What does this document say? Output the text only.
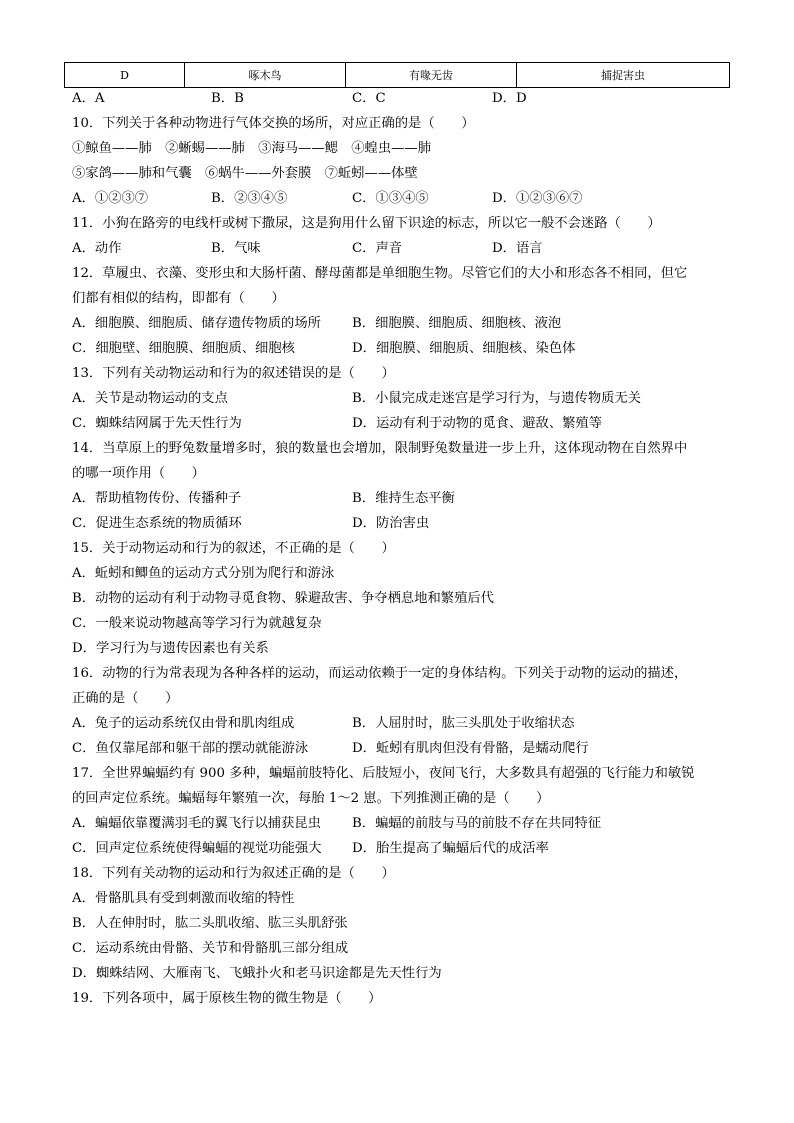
D	啄木鸟	有喙无齿	捕捉害虫
A．A	B．B	C．C	D．D
10．下列关于各种动物进行气体交换的场所，对应正确的是（　　）
①鲸鱼——肺　②蜥蜴——肺　③海马——鳃　④蝗虫——肺
⑤家鸽——肺和气囊　⑥蜗牛——外套膜　⑦蚯蚓——体壁
A．①②③⑦	B．②③④⑤	C．①③④⑤	D．①②③⑥⑦
11．小狗在路旁的电线杆或树下撒尿，这是狗用什么留下识途的标志，所以它一般不会迷路（　　）
A．动作	B．气味	C．声音	D．语言
12．草履虫、衣藻、变形虫和大肠杆菌、酵母菌都是单细胞生物。尽管它们的大小和形态各不相同，但它
们都有相似的结构，即都有（　　）
A．细胞膜、细胞质、储存遗传物质的场所 B．细胞膜、细胞质、细胞核、液泡
C．细胞壁、细胞膜、细胞质、细胞核	D．细胞膜、细胞质、细胞核、染色体
13．下列有关动物运动和行为的叙述错误的是（　　）
A．关节是动物运动的支点	B．小鼠完成走迷宫是学习行为，与遗传物质无关
C．蜘蛛结网属于先天性行为	D．运动有利于动物的觅食、避敌、繁殖等
14．当草原上的野兔数量增多时，狼的数量也会增加，限制野兔数量进一步上升，这体现动物在自然界中
的哪一项作用（　　）
A．帮助植物传份、传播种子	B．维持生态平衡
C．促进生态系统的物质循环	D．防治害虫
15．关于动物运动和行为的叙述，不正确的是（　　）
A．蚯蚓和鲫鱼的运动方式分别为爬行和游泳
B．动物的运动有利于动物寻觅食物、躲避敌害、争夺栖息地和繁殖后代
C．一般来说动物越高等学习行为就越复杂
D．学习行为与遗传因素也有关系
16．动物的行为常表现为各种各样的运动，而运动依赖于一定的身体结构。下列关于动物的运动的描述，
正确的是（　　）
A．兔子的运动系统仅由骨和肌肉组成	B．人屈肘时，肱三头肌处于收缩状态
C．鱼仅靠尾部和躯干部的摆动就能游泳	D．蚯蚓有肌肉但没有骨骼，是蠕动爬行
17．全世界蝙蝠约有 900 多种，蝙蝠前肢特化、后肢短小，夜间飞行，大多数具有超强的飞行能力和敏锐
的回声定位系统。蝙蝠每年繁殖一次，每胎 1～2 崽。下列推测正确的是（　　）
A．蝙蝠依靠覆满羽毛的翼飞行以捕获昆虫 B．蝙蝠的前肢与马的前肢不存在共同特征
C．回声定位系统使得蝙蝠的视觉功能强大 D．胎生提高了蝙蝠后代的成活率
18．下列有关动物的运动和行为叙述正确的是（　　）
A．骨骼肌具有受到刺激而收缩的特性
B．人在伸肘时，肱二头肌收缩、肱三头肌舒张
C．运动系统由骨骼、关节和骨骼肌三部分组成
D．蜘蛛结网、大雁南飞、飞蛾扑火和老马识途都是先天性行为
19．下列各项中，属于原核生物的微生物是（　　）
